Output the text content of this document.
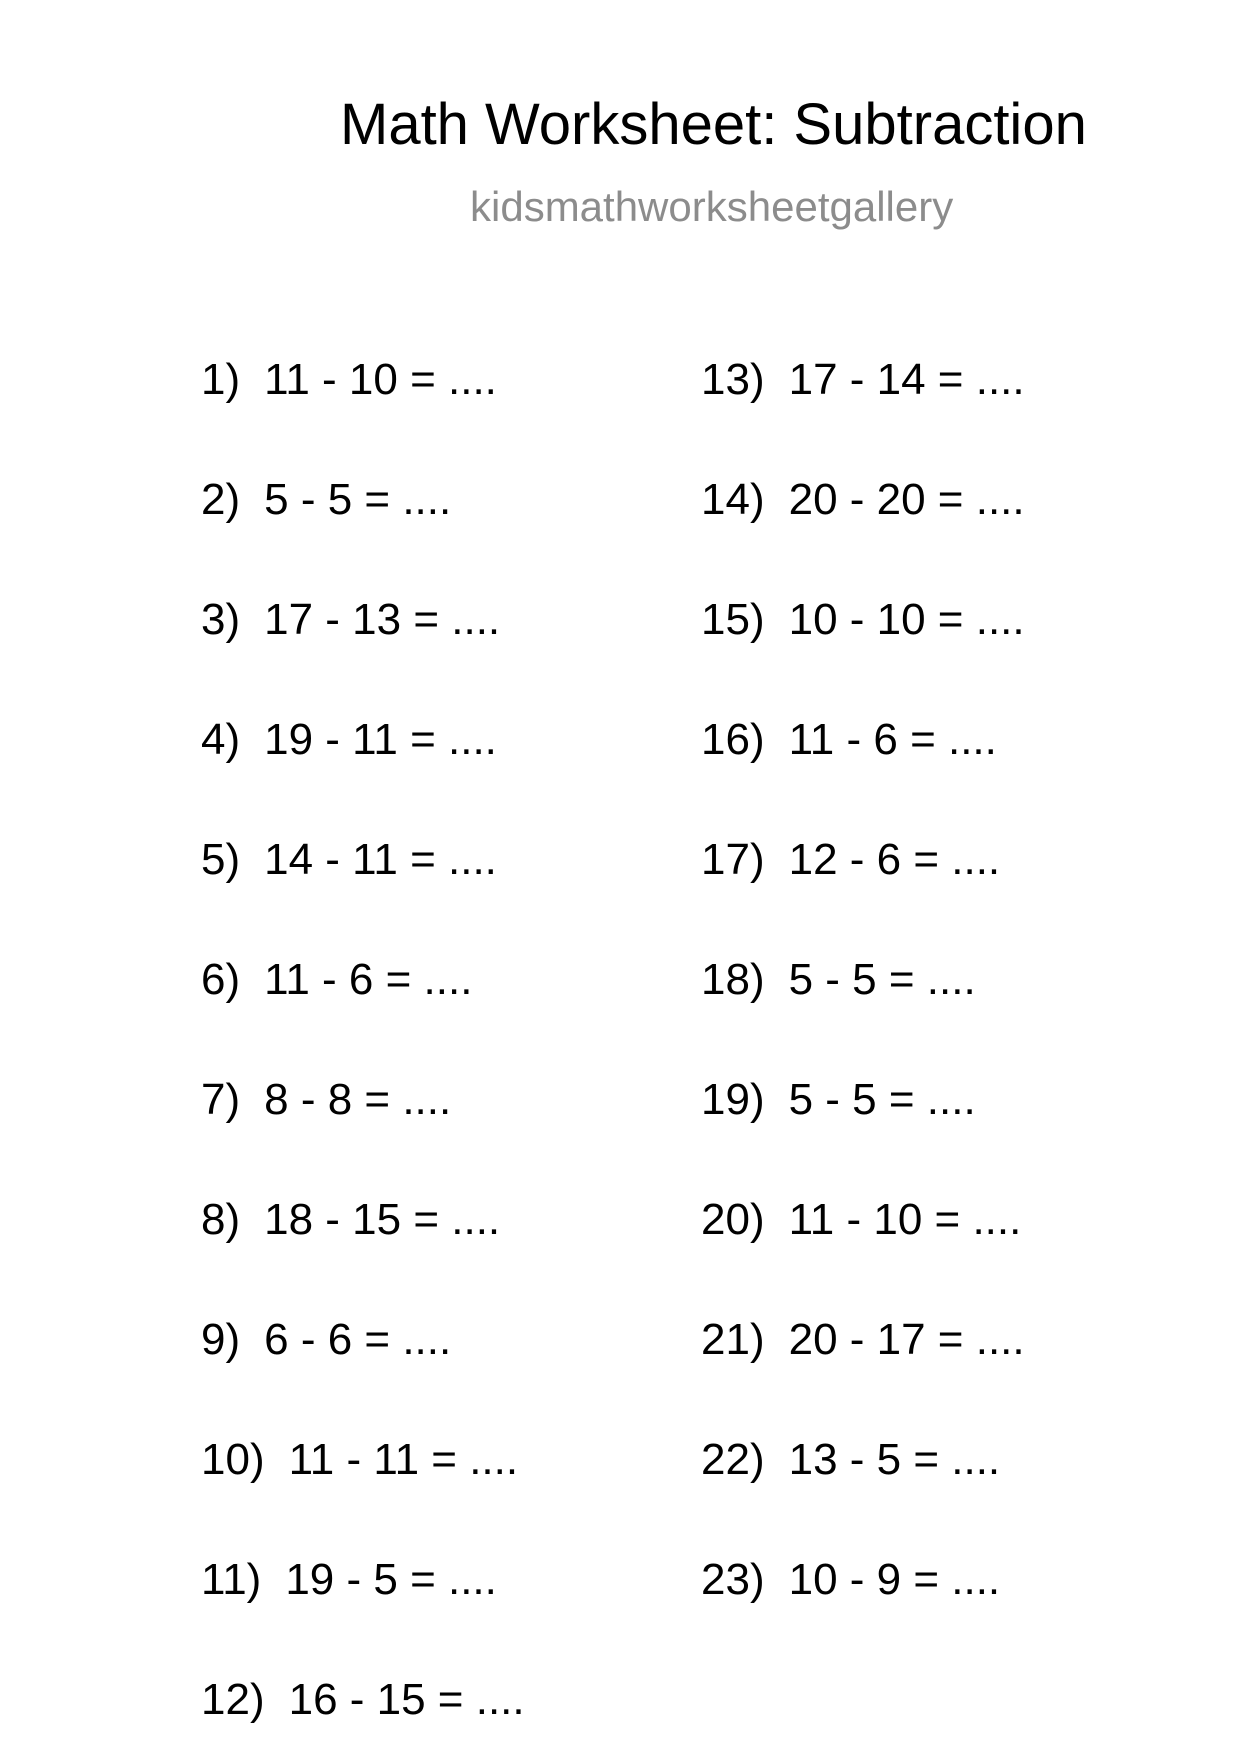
Math Worksheet: Subtraction
kidsmathworksheetgallery
1) 11 - 10 = ....
2) 5 - 5 = ....
3) 17 - 13 = ....
4) 19 - 11 = ....
5) 14 - 11 = ....
6) 11 - 6 = ....
7) 8 - 8 = ....
8) 18 - 15 = ....
9) 6 - 6 = ....
10) 11 - 11 = ....
11) 19 - 5 = ....
12) 16 - 15 = ....
13) 17 - 14 = ....
14) 20 - 20 = ....
15) 10 - 10 = ....
16) 11 - 6 = ....
17) 12 - 6 = ....
18) 5 - 5 = ....
19) 5 - 5 = ....
20) 11 - 10 = ....
21) 20 - 17 = ....
22) 13 - 5 = ....
23) 10 - 9 = ....
